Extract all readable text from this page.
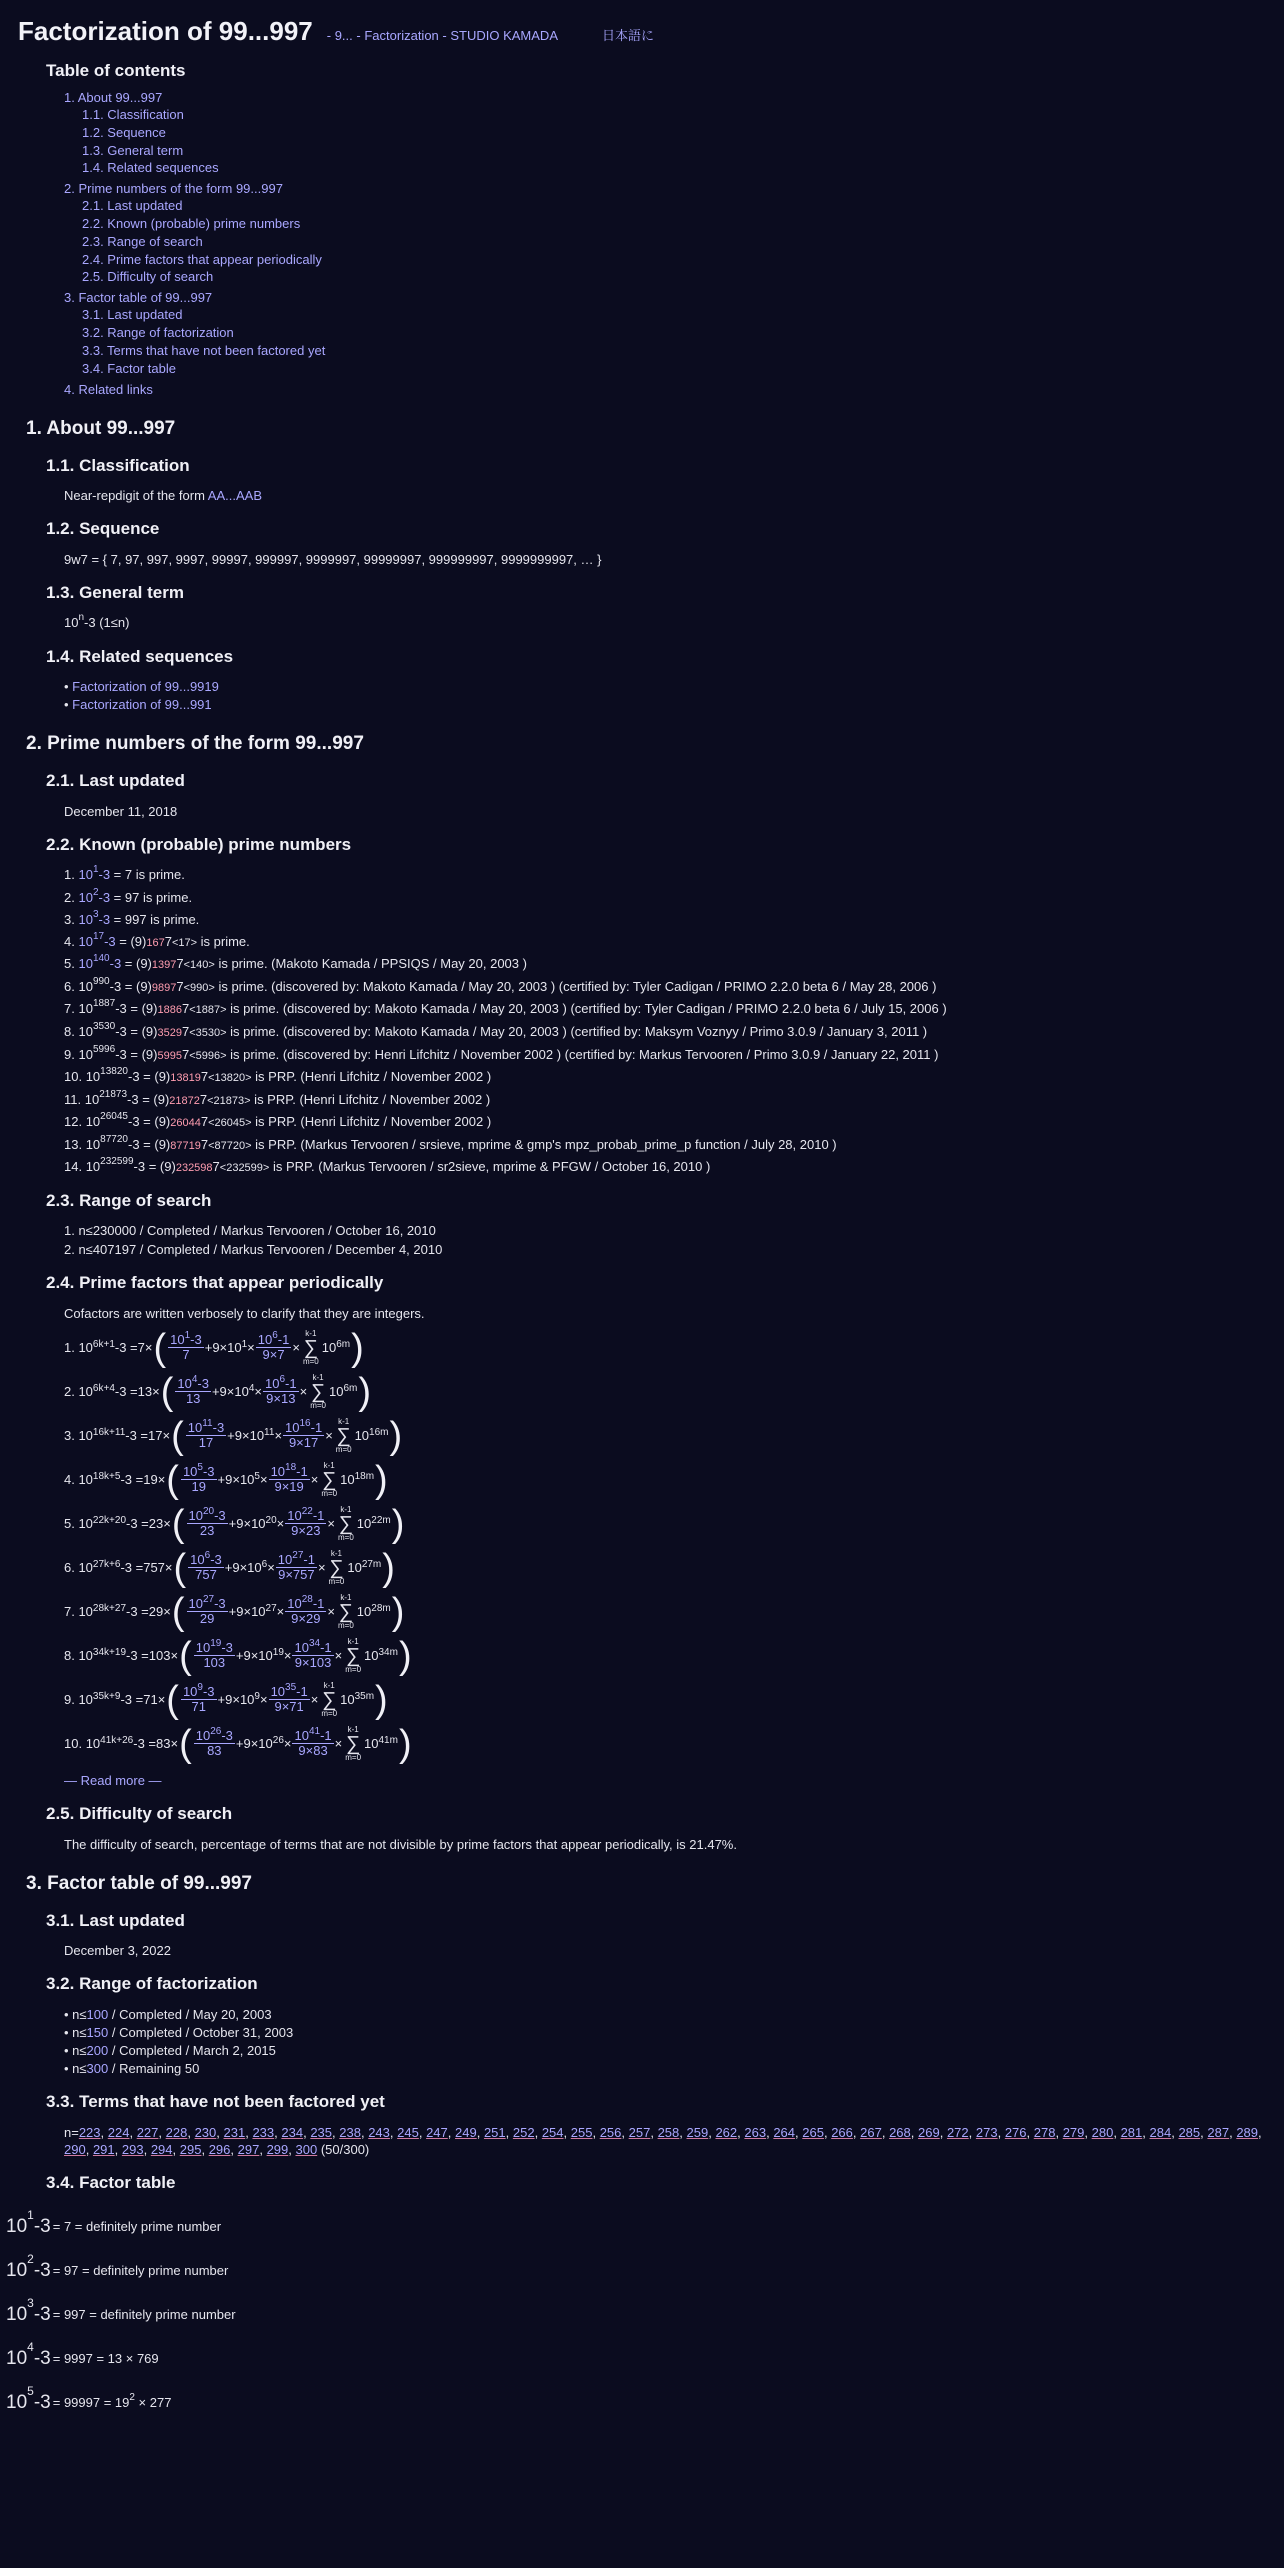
Factorization of 99...997 - 9... - Factorization - STUDIO KAMADA	日本語に
Table of contents
1. About 99...997
1.1. Classification
1.2. Sequence
1.3. General term
1.4. Related sequences
2. Prime numbers of the form 99...997
2.1. Last updated
2.2. Known (probable) prime numbers
2.3. Range of search
2.4. Prime factors that appear periodically
2.5. Difficulty of search
3. Factor table of 99...997
3.1. Last updated
3.2. Range of factorization
3.3. Terms that have not been factored yet
3.4. Factor table
4. Related links
1. About 99...997
1.1. Classification

Near-repdigit of the form AA...AAB

1.2. Sequence

9w7 = { 7, 97, 997, 9997, 99997, 999997, 9999997, 99999997, 999999997, 9999999997, … }

1.3. General term

10$^n$-3 (1≤n)

1.4. Related sequences
• Factorization of 99...9919
• Factorization of 99...991
2. Prime numbers of the form 99...997
2.1. Last updated

December 11, 2018

2.2. Known (probable) prime numbers
1. $10^1-3 = 7$ is prime.
2. $10^2-3 = 97$ is prime.
3. $10^3-3 = 997$ is prime.
4. $10^{17}-3 = (9)1677<17>$ is prime.
5. $10^{140}-3 = (9)13977<140>$ is prime. (Makoto Kamada / PPSIQS / May 20, 2003 )
6. $10^{990}-3 = (9)98977<990>$ is prime. (discovered by: Makoto Kamada / May 20, 2003 ) (certified by: Tyler Cadigan / PRIMO 2.2.0 beta 6 / May 28, 2006 )
7. $10^{1887}-3 = (9)18867<1887>$ is prime. (discovered by: Makoto Kamada / May 20, 2003 ) (certified by: Tyler Cadigan / PRIMO 2.2.0 beta 6 / July 15, 2006 )
8. $10^{3530}-3 = (9)35297<3530>$ is prime. (discovered by: Makoto Kamada / May 20, 2003 ) (certified by: Maksym Voznyy / Primo 3.0.9 / January 3, 2011 )
9. $10^{5996}-3 = (9)59957<5996>$ is prime. (discovered by: Henri Lifchitz / November 2002 ) (certified by: Markus Tervooren / Primo 3.0.9 / January 22, 2011 )
10. $10^{13820}-3 = (9)138197<13820>$ is PRP. (Henri Lifchitz / November 2002 )
11. $10^{21873}-3 = (9)218727<21873>$ is PRP. (Henri Lifchitz / November 2002 )
12. $10^{26045}-3 = (9)260447<26045>$ is PRP. (Henri Lifchitz / November 2002 )
13. $10^{87720}-3 = (9)877197<87720>$ is PRP. (Markus Tervooren / srsieve, mprime & gmp's mpz_probab_prime_p function / July 28, 2010 )
14. $10^{232599}-3 = (9)2325987<232599>$ is PRP. (Markus Tervooren / sr2sieve, mprime & PFGW / October 16, 2010 )
2.3. Range of search
1. n≤230000 / Completed / Markus Tervooren / October 16, 2010
2. n≤407197 / Completed / Markus Tervooren / December 4, 2010
2.4. Prime factors that appear periodically

Cofactors are written verbosely to clarify that they are integers.

1. $10^{6k+1}$ -3 = 7 × ( $\frac{10^1-3}{7} +9\times 10^1 \times \frac{10^6-1}{9\times 7}$ ×
k-1
∑
m=0
$10^{6m}$ )
2. $10^{6k+4}$ -3 = 13 × ( $\frac{10^4-3}{13} +9\times 10^4 \times \frac{10^6-1}{9\times 13}$ ×
k-1
∑
m=0
$10^{6m}$ )
3. $10^{16k+11}$ -3 = 17 × ( $\frac{10^{11}-3}{17} +9\times 10^{11} \times \frac{10^{16}-1}{9\times 17}$ ×
k-1
∑
m=0
$10^{16m}$ )
4. $10^{18k+5}$ -3 = 19 × ( $\frac{10^5-3}{19} +9\times 10^5 \times \frac{10^{18}-1}{9\times 19}$ ×
k-1
∑
m=0
$10^{18m}$ )
5. $10^{22k+20}$ -3 = 23 × ( $\frac{10^{20}-3}{23} +9\times 10^{20} \times \frac{10^{22}-1}{9\times 23}$ ×
k-1
∑
m=0
$10^{22m}$ )
6. $10^{27k+6}$ -3 = 757 × ( $\frac{10^6-3}{757} +9\times 10^6 \times \frac{10^{27}-1}{9\times 757}$ ×
k-1
∑
m=0
$10^{27m}$ )
7. $10^{28k+27}$ -3 = 29 × ( $\frac{10^{27}-3}{29} +9\times 10^{27} \times \frac{10^{28}-1}{9\times 29}$ ×
k-1
∑
m=0
$10^{28m}$ )
8. $10^{34k+19}$ -3 = 103 × ( $\frac{10^{19}-3}{103} +9\times 10^{19} \times \frac{10^{34}-1}{9\times 103}$ ×
k-1
∑
m=0
$10^{34m}$ )
9. $10^{35k+9}$ -3 = 71 × ( $\frac{10^9-3}{71} +9\times 10^9 \times \frac{10^{35}-1}{9\times 71}$ ×
k-1
∑
m=0
$10^{35m}$ )
10. $10^{41k+26}$ -3 = 83 × ( $\frac{10^{26}-3}{83} +9\times 10^{26} \times \frac{10^{41}-1}{9\times 83}$ ×
k-1
∑
m=0
$10^{41m}$ )

— Read more —

2.5. Difficulty of search

The difficulty of search, percentage of terms that are not divisible by prime factors that appear periodically, is 21.47%.

3. Factor table of 99...997
3.1. Last updated

December 3, 2022

3.2. Range of factorization
• n≤100 / Completed / May 20, 2003
• n≤150 / Completed / October 31, 2003
• n≤200 / Completed / March 2, 2015
• n≤300 / Remaining 50
3.3. Terms that have not been factored yet
n=223, 224, 227, 228, 230, 231, 233, 234, 235, 238, 243, 245, 247, 249, 251, 252, 254, 255, 256, 257, 258, 259, 262, 263, 264, 265, 266, 267, 268, 269, 272, 273, 276, 278, 279, 280, 281, 284, 285, 287, 289, 290, 291, 293, 294, 295, 296, 297, 299, 300 (50/300)
3.4. Factor table
$10^1-3 = 7$ = definitely prime number
$10^2-3 = 97$ = definitely prime number
$10^3-3 = 997$ = definitely prime number
$10^4-3 = 9997 = 13 \times 769$
$10^5-3 = 99997 = 19^2 \times 277$
